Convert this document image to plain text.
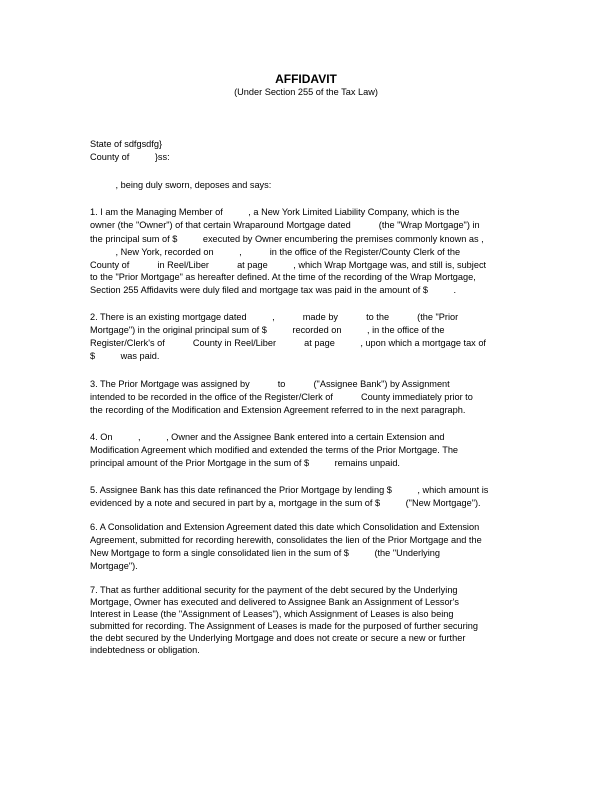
AFFIDAVIT
(Under Section 255 of the Tax Law)
State of sdfgsdfg}
County of          }ss:
, being duly sworn, deposes and says:
1. I am the Managing Member of          , a New York Limited Liability Company, which is the
owner (the "Owner") of that certain Wraparound Mortgage dated           (the "Wrap Mortgage") in
the principal sum of $          executed by Owner encumbering the premises commonly known as ,
, New York, recorded on          ,           in the office of the Register/County Clerk of the
County of           in Reel/Liber           at page          , which Wrap Mortgage was, and still is, subject
to the "Prior Mortgage" as hereafter defined. At the time of the recording of the Wrap Mortgage,
Section 255 Affidavits were duly filed and mortgage tax was paid in the amount of $          .
2. There is an existing mortgage dated          ,           made by           to the           (the "Prior
Mortgage") in the original principal sum of $          recorded on          , in the office of the
Register/Clerk's of           County in Reel/Liber           at page          , upon which a mortgage tax of
$          was paid.
3. The Prior Mortgage was assigned by           to           ("Assignee Bank") by Assignment
intended to be recorded in the office of the Register/Clerk of           County immediately prior to
the recording of the Modification and Extension Agreement referred to in the next paragraph.
4. On          ,          , Owner and the Assignee Bank entered into a certain Extension and
Modification Agreement which modified and extended the terms of the Prior Mortgage. The
principal amount of the Prior Mortgage in the sum of $          remains unpaid.
5. Assignee Bank has this date refinanced the Prior Mortgage by lending $          , which amount is
evidenced by a note and secured in part by a, mortgage in the sum of $          ("New Mortgage").
6. A Consolidation and Extension Agreement dated this date which Consolidation and Extension
Agreement, submitted for recording herewith, consolidates the lien of the Prior Mortgage and the
New Mortgage to form a single consolidated lien in the sum of $          (the "Underlying
Mortgage").
7. That as further additional security for the payment of the debt secured by the Underlying
Mortgage, Owner has executed and delivered to Assignee Bank an Assignment of Lessor's
Interest in Lease (the "Assignment of Leases"), which Assignment of Leases is also being
submitted for recording. The Assignment of Leases is made for the purposed of further securing
the debt secured by the Underlying Mortgage and does not create or secure a new or further
indebtedness or obligation.
